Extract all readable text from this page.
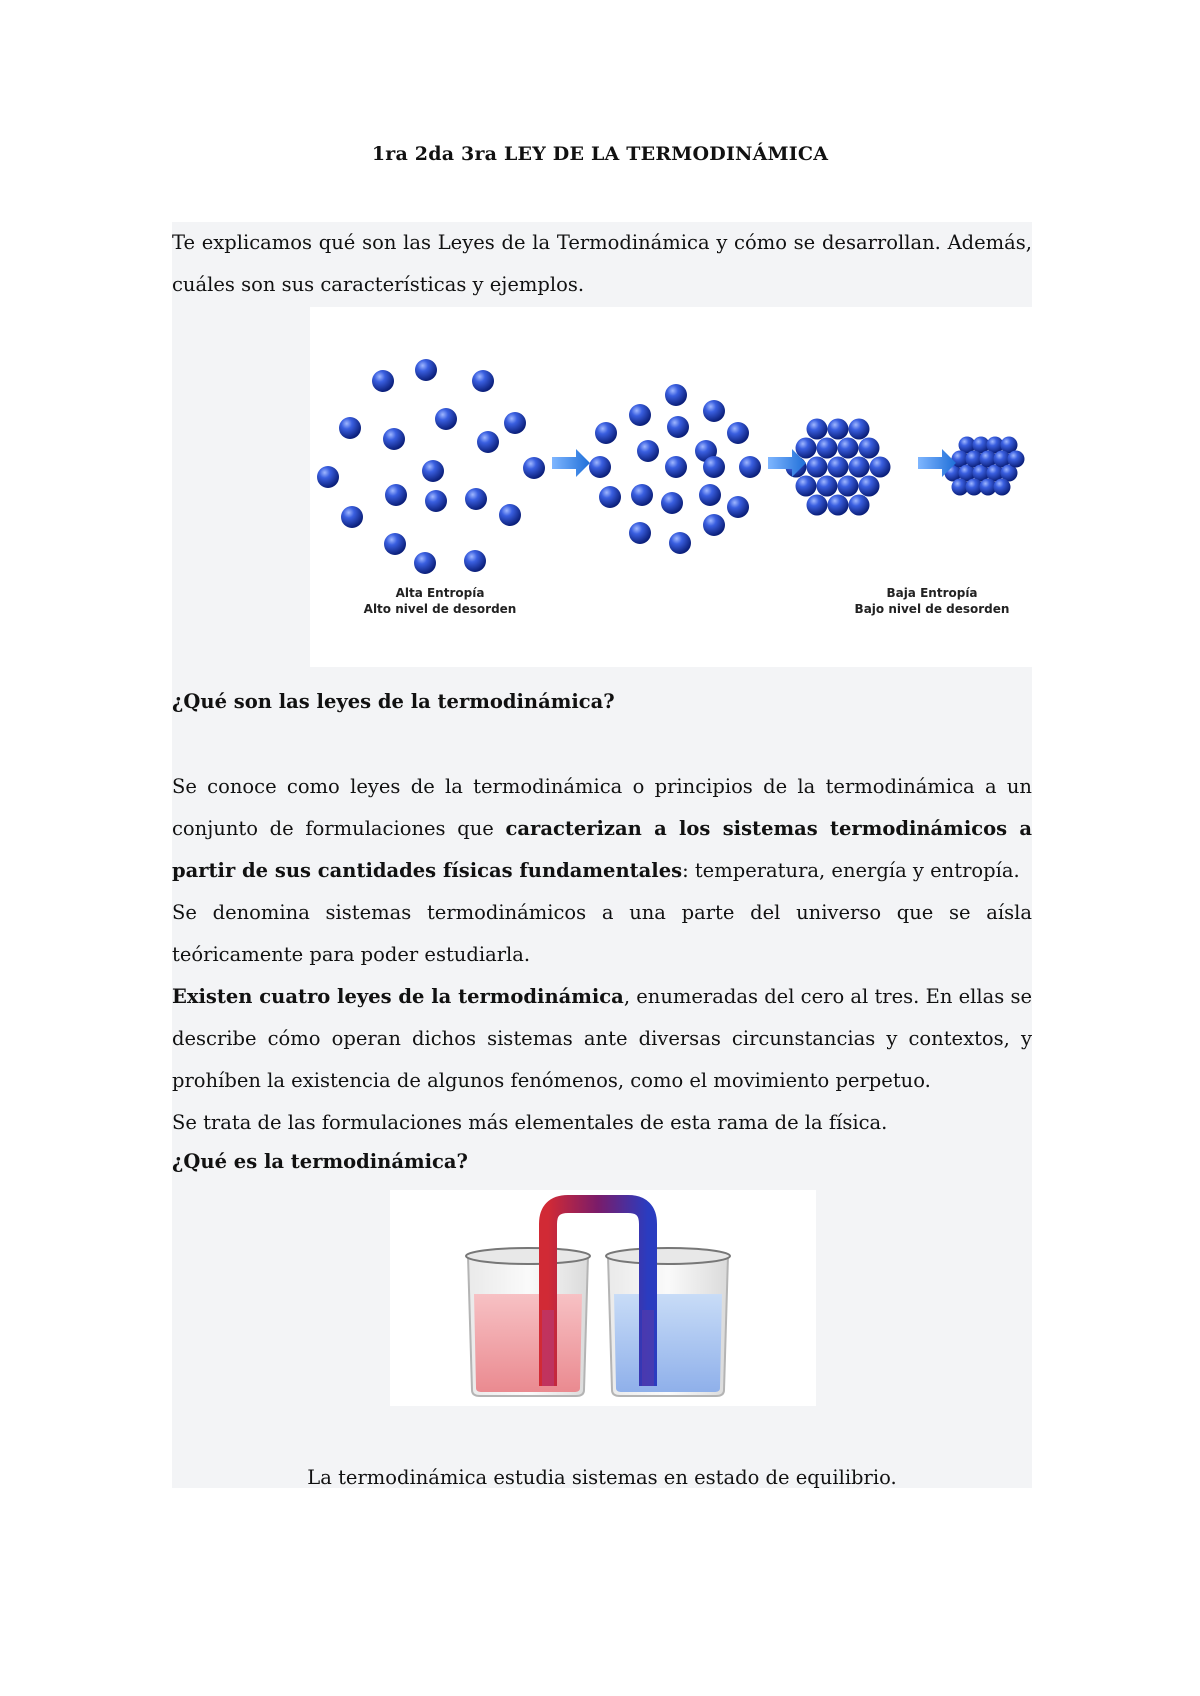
1ra 2da 3ra LEY DE LA TERMODINÁMICA
Te explicamos qué son las Leyes de la Termodinámica y cómo se desarrollan. Además, cuáles son sus características y ejemplos.
Alta Entropía
Alto nivel de desorden
Baja Entropía
Bajo nivel de desorden
¿Qué son las leyes de la termodinámica?
Se conoce como leyes de la termodinámica o principios de la termodinámica a un conjunto de formulaciones que caracterizan a los sistemas termodinámicos a partir de sus cantidades físicas fundamentales: temperatura, energía y entropía.
Se denomina sistemas termodinámicos a una parte del universo que se aísla teóricamente para poder estudiarla.
Existen cuatro leyes de la termodinámica, enumeradas del cero al tres. En ellas se describe cómo operan dichos sistemas ante diversas circunstancias y contextos, y prohíben la existencia de algunos fenómenos, como el movimiento perpetuo.
Se trata de las formulaciones más elementales de esta rama de la física.
¿Qué es la termodinámica?
La termodinámica estudia sistemas en estado de equilibrio.
